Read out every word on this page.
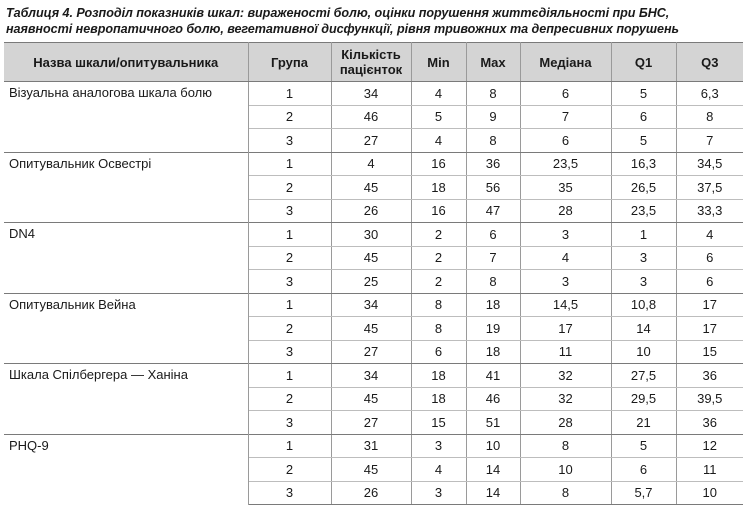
Таблиця 4. Розподіл показників шкал: вираженості болю, оцінки порушення життєдіяльності при БНС,
наявності невропатичного болю, вегетативної дисфункції, рівня тривожних та депресивних порушень
Назва шкали/опитувальника	Група	Кількість пацієнток	Min	Max	Медіана	Q1	Q3
Візуальна аналогова шкала болю	1	34	4	8	6	5	6,3
	2	46	5	9	7	6	8
	3	27	4	8	6	5	7
Опитувальник Освестрі	1	4	16	36	23,5	16,3	34,5
	2	45	18	56	35	26,5	37,5
	3	26	16	47	28	23,5	33,3
DN4	1	30	2	6	3	1	4
	2	45	2	7	4	3	6
	3	25	2	8	3	3	6
Опитувальник Вейна	1	34	8	18	14,5	10,8	17
	2	45	8	19	17	14	17
	3	27	6	18	11	10	15
Шкала Спілбергера — Ханіна	1	34	18	41	32	27,5	36
	2	45	18	46	32	29,5	39,5
	3	27	15	51	28	21	36
PHQ-9	1	31	3	10	8	5	12
	2	45	4	14	10	6	11
	3	26	3	14	8	5,7	10
